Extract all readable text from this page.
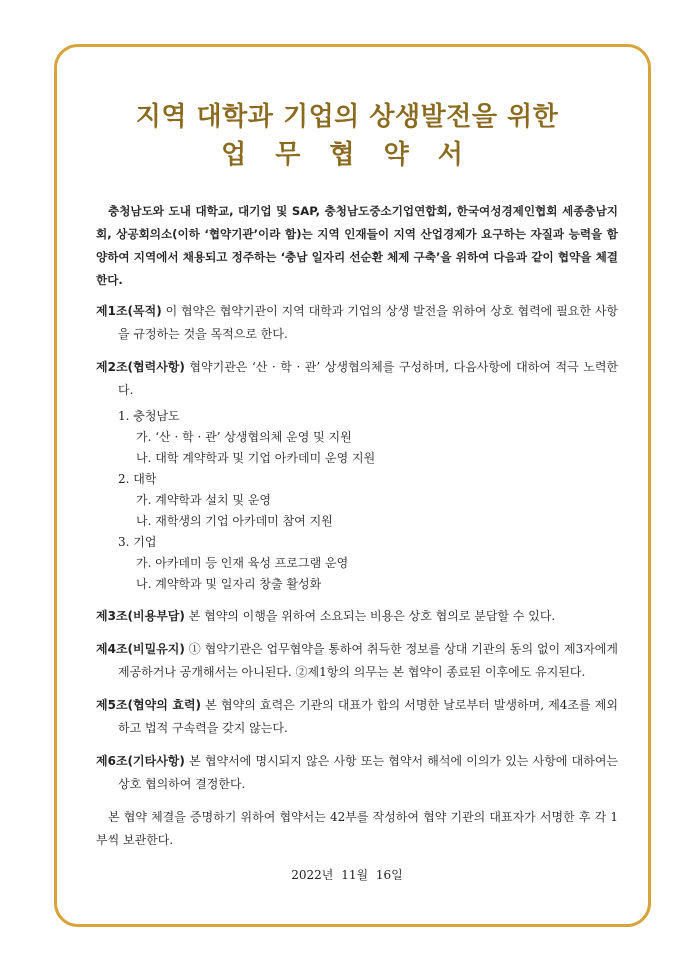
지역 대학과 기업의 상생발전을 위한
업 무 협 약 서

충청남도와 도내 대학교, 대기업 및 SAP, 충청남도중소기업연합회, 한국여성경제인협회 세종충남지회, 상공회의소(이하 ‘협약기관’이라 함)는 지역 인재들이 지역 산업경제가 요구하는 자질과 능력을 함양하여 지역에서 채용되고 정주하는 ‘충남 일자리 선순환 체제 구축’을 위하여 다음과 같이 협약을 체결한다.

제1조(목적) 이 협약은 협약기관이 지역 대학과 기업의 상생 발전을 위하여 상호 협력에 필요한 사항을 규정하는 것을 목적으로 한다.

제2조(협력사항) 협약기관은 ‘산 · 학 · 관’ 상생협의체를 구성하며, 다음사항에 대하여 적극 노력한다.

1. 충청남도
가. ‘산 · 학 · 관’ 상생협의체 운영 및 지원
나. 대학 계약학과 및 기업 아카데미 운영 지원
2. 대학
가. 계약학과 설치 및 운영
나. 재학생의 기업 아카데미 참여 지원
3. 기업
가. 아카데미 등 인재 육성 프로그램 운영
나. 계약학과 및 일자리 창출 활성화

제3조(비용부담) 본 협약의 이행을 위하여 소요되는 비용은 상호 협의로 분담할 수 있다.

제4조(비밀유지) ① 협약기관은 업무협약을 통하여 취득한 정보를 상대 기관의 동의 없이 제3자에게 제공하거나 공개해서는 아니된다. ②제1항의 의무는 본 협약이 종료된 이후에도 유지된다.

제5조(협약의 효력) 본 협약의 효력은 기관의 대표가 합의 서명한 날로부터 발생하며, 제4조를 제외하고 법적 구속력을 갖지 않는다.

제6조(기타사항) 본 협약서에 명시되지 않은 사항 또는 협약서 해석에 이의가 있는 사항에 대하여는 상호 협의하여 결정한다.

본 협약 체결을 증명하기 위하여 협약서는 42부를 작성하여 협약 기관의 대표자가 서명한 후 각 1부씩 보관한다.

2022년 11월 16일
